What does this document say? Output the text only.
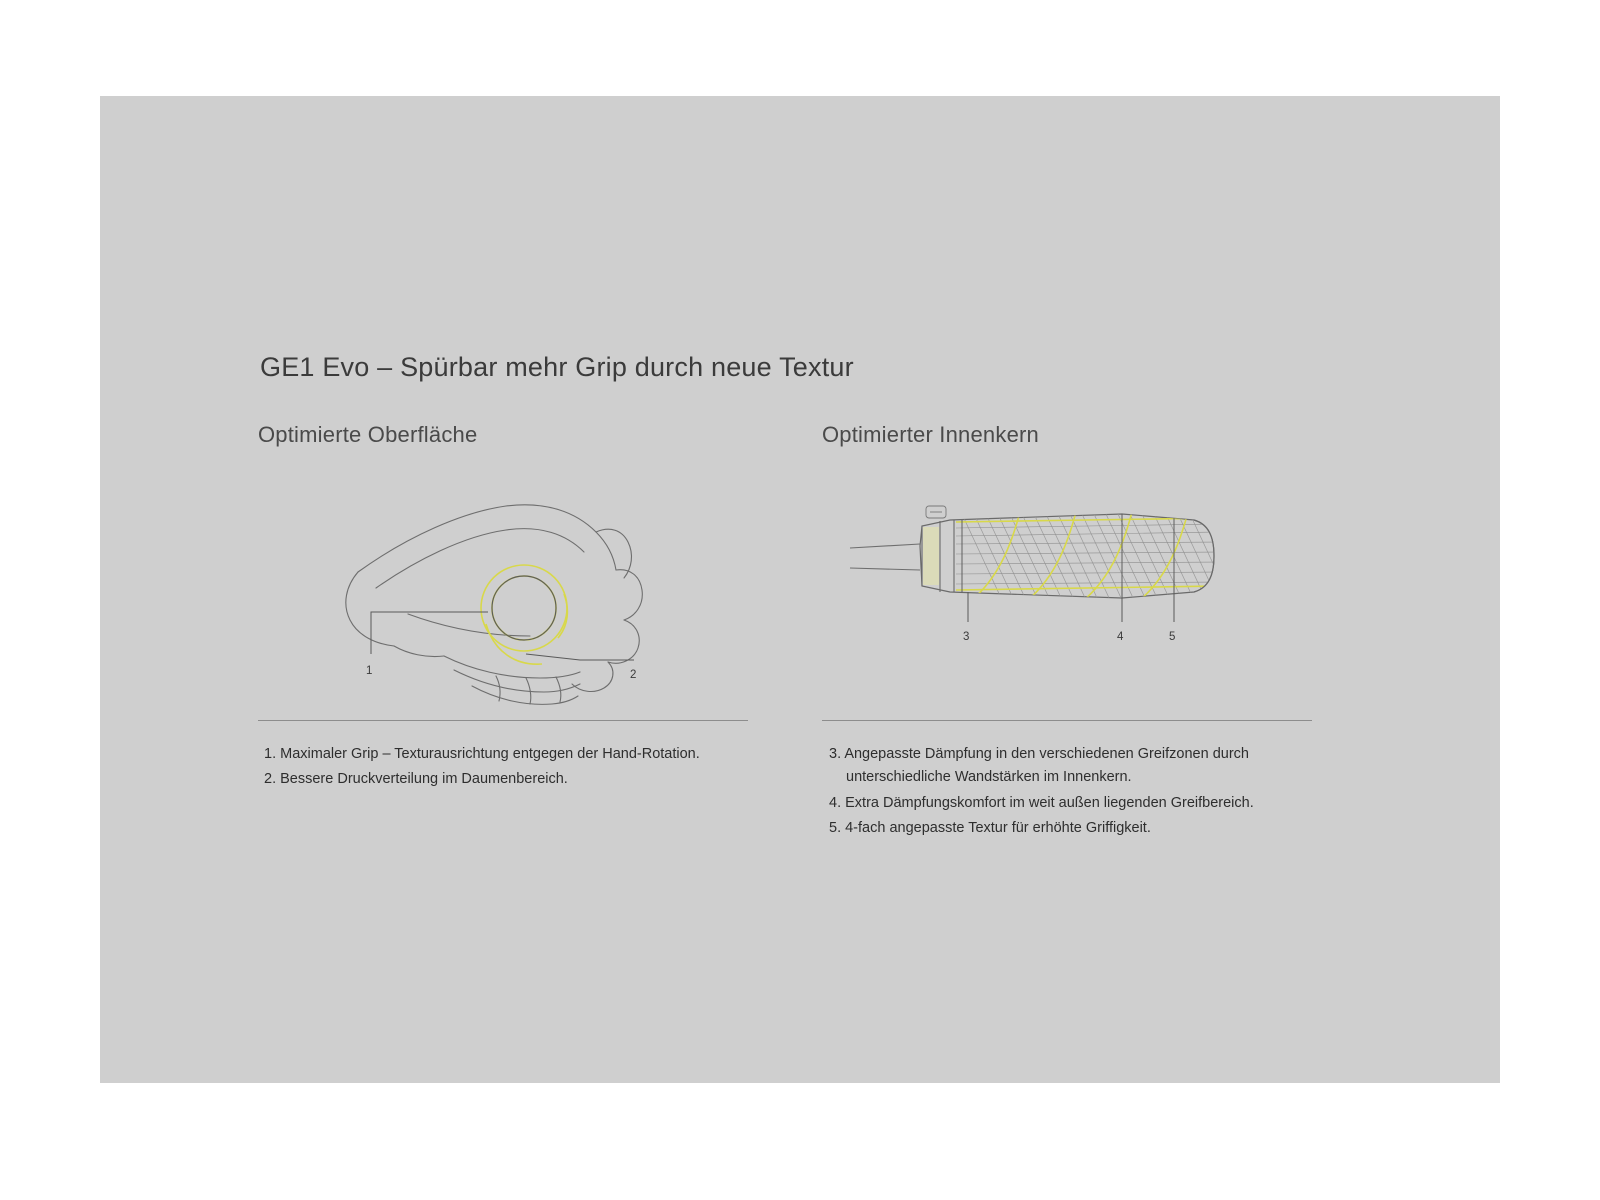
GE1 Evo – Spürbar mehr Grip durch neue Textur
Optimierte Oberfläche
1	2
1. Maximaler Grip – Texturausrichtung entgegen der Hand-Rotation.
2. Bessere Druckverteilung im Daumenbereich.
Optimierter Innenkern
3	4	5
3. Angepasste Dämpfung in den verschiedenen Greifzonen durch unterschiedliche Wandstärken im Innenkern.
4. Extra Dämpfungskomfort im weit außen liegenden Greifbereich.
5. 4-fach angepasste Textur für erhöhte Griffigkeit.
